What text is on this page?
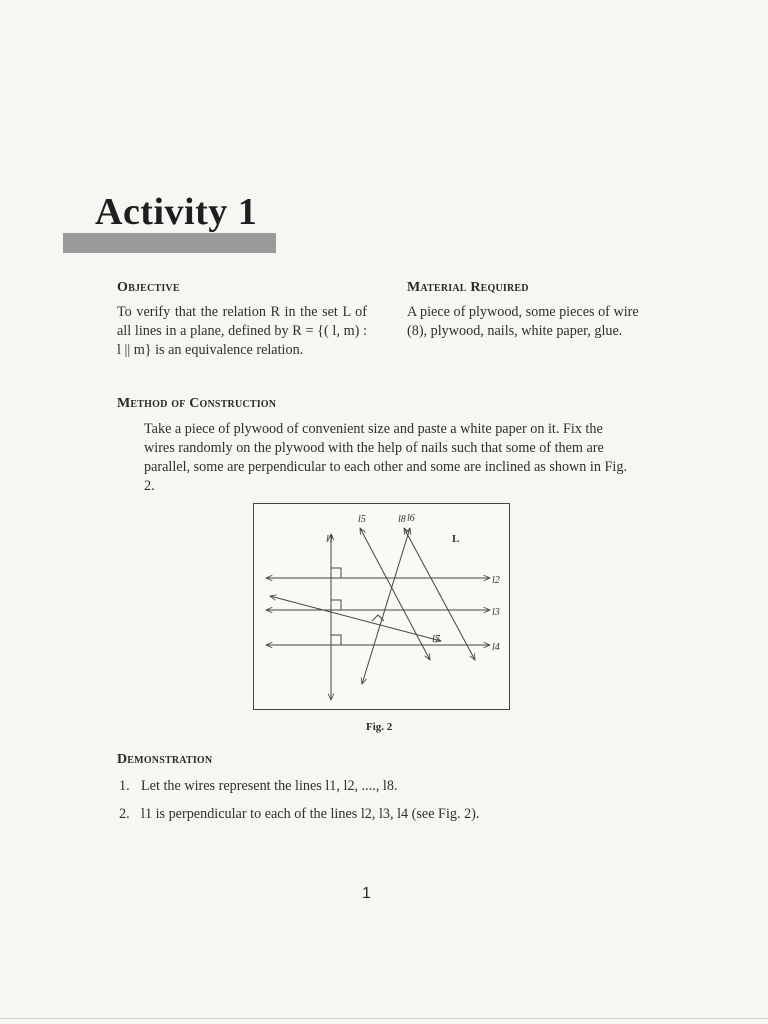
Activity 1
Objective
To verify that the relation R in the set L of all lines in a plane, defined by R = {( l, m) : l || m} is an equivalence relation.
Material Required
A piece of plywood, some pieces of wire (8), plywood, nails, white paper, glue.
Method of Construction
Take a piece of plywood of convenient size and paste a white paper on it. Fix the wires randomly on the plywood with the help of nails such that some of them are parallel, some are perpendicular to each other and some are inclined as shown in Fig. 2.
l1
l2
l3
l4
l5	l6
l7
l8
L
Fig. 2
Demonstration
1. Let the wires represent the lines l1, l2, ...., l8.
2. l1 is perpendicular to each of the lines l2, l3, l4 (see Fig. 2).
1
